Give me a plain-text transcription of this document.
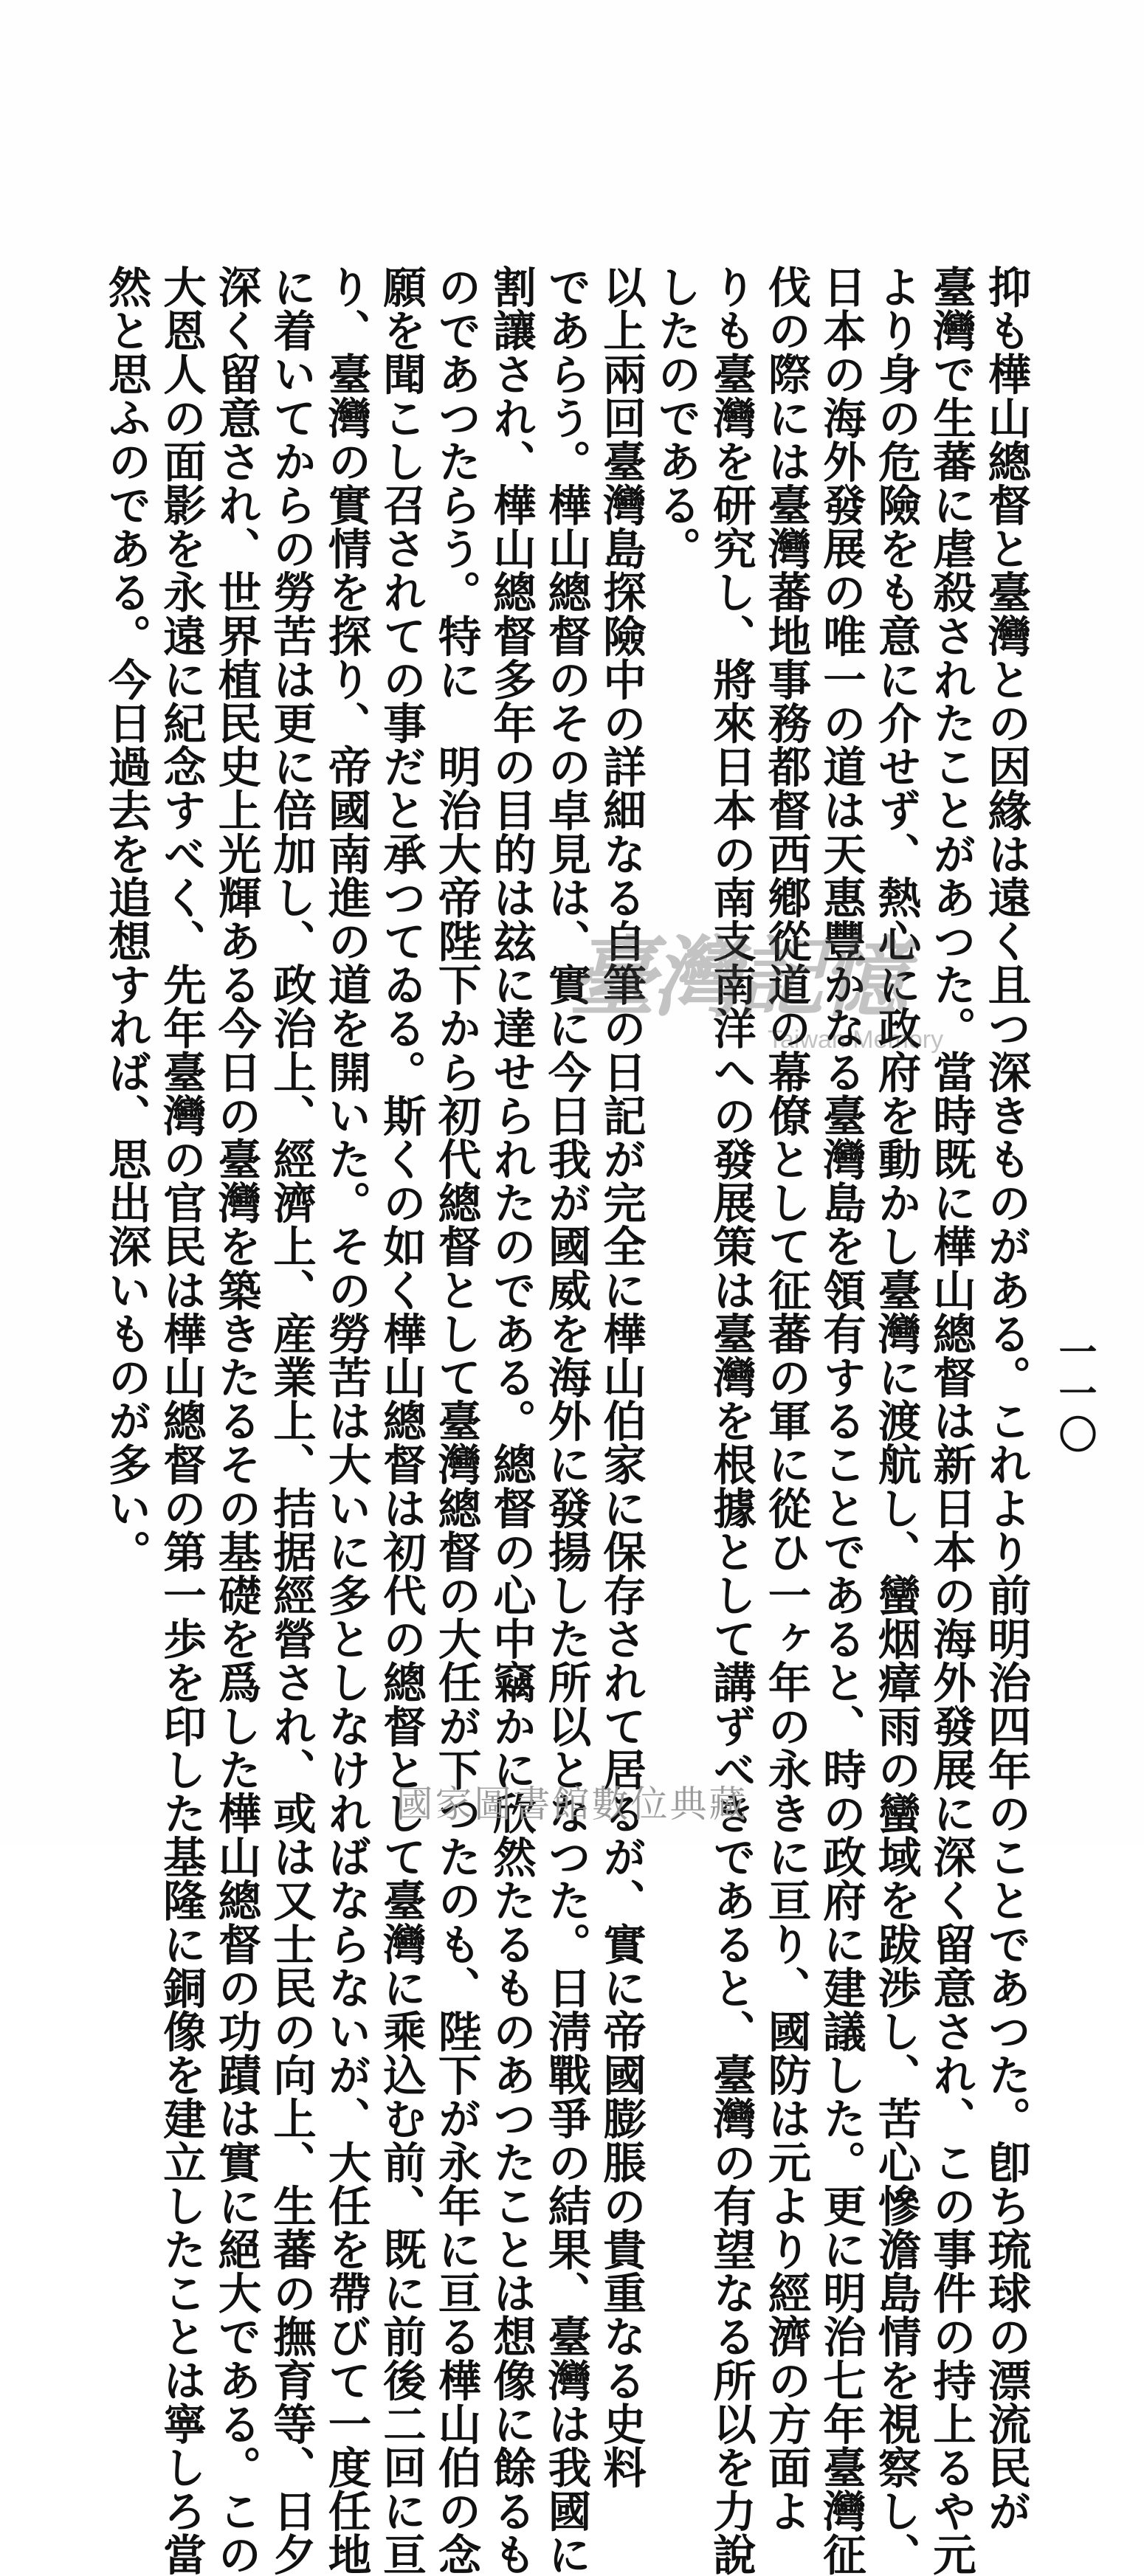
一一〇
抑も樺山總督と臺灣との因緣は遠く且つ深きものがある。これより前明治四年のことであつた。卽ち琉球の漂流民が
臺灣で生蕃に虐殺されたことがあつた。當時既に樺山總督は新日本の海外發展に深く留意され、この事件の持上るや元
より身の危險をも意に介せず、熱心に政府を動かし臺灣に渡航し、蠻烟瘴雨の蠻域を跋渉し、苦心慘澹島情を視察し、
日本の海外發展の唯一の道は天惠豐かなる臺灣島を領有することであると、時の政府に建議した。更に明治七年臺灣征
伐の際には臺灣蕃地事務都督西鄕從道の幕僚として征蕃の軍に從ひ一ヶ年の永きに亘り、國防は元より經濟の方面よ
りも臺灣を研究し、將來日本の南支南洋への發展策は臺灣を根據として講ずべきであると、臺灣の有望なる所以を力說
したのである。
以上兩回臺灣島探險中の詳細なる自筆の日記が完全に樺山伯家に保存されて居るが、實に帝國膨脹の貴重なる史料
であらう。樺山總督のその卓見は、實に今日我が國威を海外に發揚した所以となつた。日淸戰爭の結果、臺灣は我國に
割讓され、樺山總督多年の目的は玆に達せられたのである。總督の心中竊かに欣然たるものあつたことは想像に餘るも
のであつたらう。特に　明治大帝陛下から初代總督として臺灣總督の大任が下つたのも、陛下が永年に亘る樺山伯の念
願を聞こし召されての事だと承つてゐる。斯くの如く樺山總督は初代の總督として臺灣に乘込む前、既に前後二回に亘
り、臺灣の實情を探り、帝國南進の道を開いた。その勞苦は大いに多としなければならないが、大任を帶びて一度任地
に着いてからの勞苦は更に倍加し、政治上、經濟上、産業上、拮据經營され、或は又士民の向上、生蕃の撫育等、日夕
深く留意され、世界植民史上光輝ある今日の臺灣を築きたるその基礎を爲した樺山總督の功蹟は實に絕大である。この
大恩人の面影を永遠に紀念すべく、先年臺灣の官民は樺山總督の第一歩を印した基隆に銅像を建立したことは寧しろ當
然と思ふのである。今日過去を追想すれば、思出深いものが多い。	臺灣記憶
Taiwan Memory
國家圖書館數位典藏
